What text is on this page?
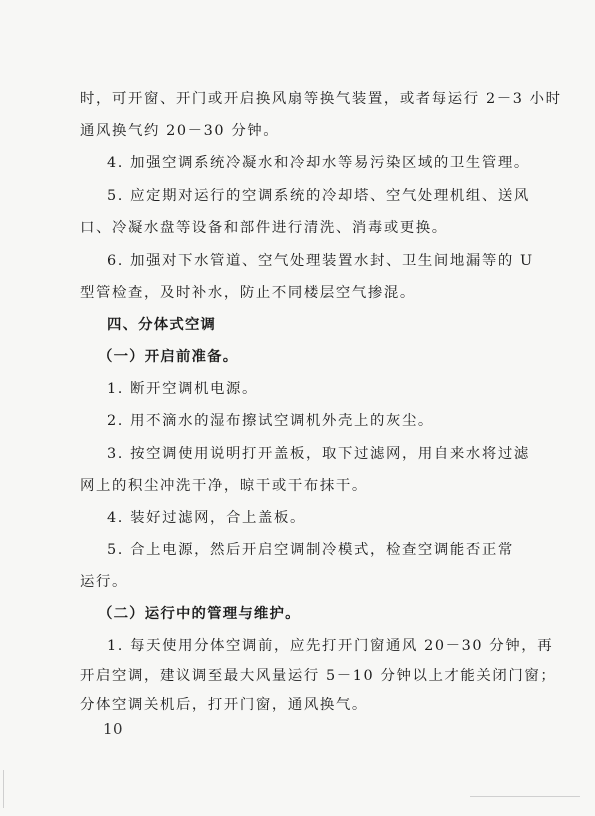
时，可开窗、开门或开启换风扇等换气装置，或者每运行 2－3 小时
通风换气约 20－30 分钟。
4. 加强空调系统冷凝水和冷却水等易污染区域的卫生管理。
5. 应定期对运行的空调系统的冷却塔、空气处理机组、送风
口、冷凝水盘等设备和部件进行清洗、消毒或更换。
6. 加强对下水管道、空气处理装置水封、卫生间地漏等的 U
型管检查，及时补水，防止不同楼层空气掺混。
四、分体式空调
（一）开启前准备。
1. 断开空调机电源。
2. 用不滴水的湿布擦试空调机外壳上的灰尘。
3. 按空调使用说明打开盖板，取下过滤网，用自来水将过滤
网上的积尘冲洗干净，晾干或干布抹干。
4. 装好过滤网，合上盖板。
5. 合上电源，然后开启空调制冷模式，检查空调能否正常
运行。
（二）运行中的管理与维护。
1. 每天使用分体空调前，应先打开门窗通风 20－30 分钟，再
开启空调，建议调至最大风量运行 5－10 分钟以上才能关闭门窗；
分体空调关机后，打开门窗，通风换气。
10
